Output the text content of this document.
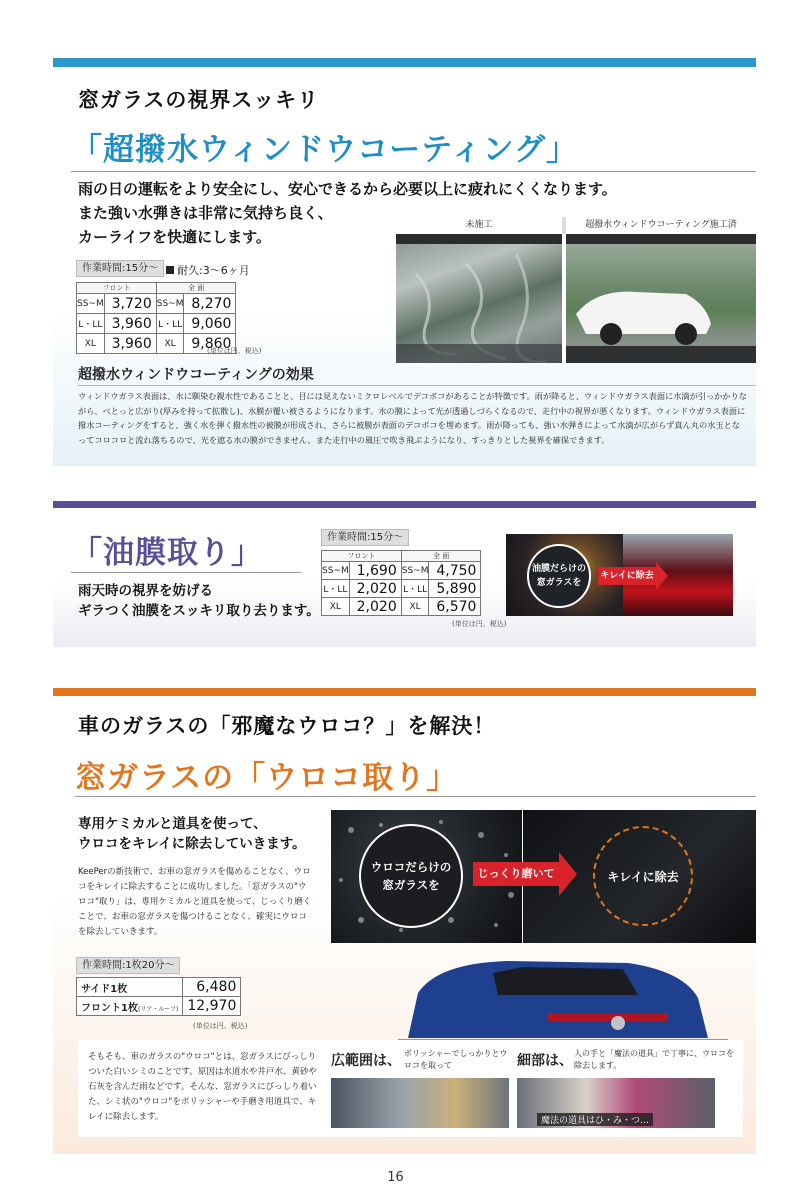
窓ガラスの視界スッキリ
「超撥水ウィンドウコーティング」
雨の日の運転をより安全にし、安心できるから必要以上に疲れにくくなります。
また強い水弾きは非常に気持ち良く、
カーライフを快適にします。
作業時間:15分〜	耐久:3〜6ヶ月
フロント		全 面	
SS~M	3,720	SS~M	8,270
L・LL	3,960	L・LL	9,060
XL	3,960	XL	9,860
(単位は円、税込)
未施工	超撥水ウィンドウコーティング施工済
超撥水ウィンドウコーティングの効果
ウィンドウガラス表面は、水に馴染む親水性であることと、目には見えないミクロレベルでデコボコがあることが特徴です。雨が降ると、ウィンドウガラス表面に水滴が引っかかりながら、べとっと広がり(厚みを持って拡散し)、水膜が覆い被さるようになります。水の膜によって光が透過しづらくなるので、走行中の視界が悪くなります。ウィンドウガラス表面に撥水コーティングをすると、強く水を弾く撥水性の被膜が形成され、さらに被膜が表面のデコボコを埋めます。雨が降っても、強い水弾きによって水滴が広がらず真ん丸の水玉となってコロコロと流れ落ちるので、光を遮る水の膜ができません。また走行中の風圧で吹き飛ぶようになり、すっきりとした視界を確保できます。
「油膜取り」
雨天時の視界を妨げる
ギラつく油膜をスッキリ取り去ります。
作業時間:15分〜
フロント		全 面	
SS~M	1,690	SS~M	4,750
L・LL	2,020	L・LL	5,890
XL	2,020	XL	6,570
(単位は円、税込)
油膜だらけの
窓ガラスを
キレイに除去
車のガラスの「邪魔なウロコ？」を解決！
窓ガラスの「ウロコ取り」
専用ケミカルと道具を使って、
ウロコをキレイに除去していきます。
KeePerの新技術で、お車の窓ガラスを傷めることなく、ウロコをキレイに除去することに成功しました。「窓ガラスの"ウロコ"取り」は、専用ケミカルと道具を使って、じっくり磨くことで、お車の窓ガラスを傷つけることなく、確実にウロコを除去していきます。
作業時間:1枚20分〜
サイド1枚	6,480
フロント1枚(リア・ルーフ)	12,970
(単位は円、税込)
ウロコだらけの
窓ガラスを
じっくり磨いて	キレイに除去
そもそも、車のガラスの"ウロコ"とは、窓ガラスにびっしりついた白いシミのことです。原因は水道水や井戸水、黄砂や石灰を含んだ雨などです。そんな、窓ガラスにびっしり着いた、シミ状の"ウロコ"をポリッシャーや手磨き用道具で、キレイに除去します。
広範囲は、 ポリッシャーでしっかりとウロコを取って	細部は、 人の手と「魔法の道具」で丁寧に、ウロコを除去します。
魔法の道具はひ・み・つ…
16
